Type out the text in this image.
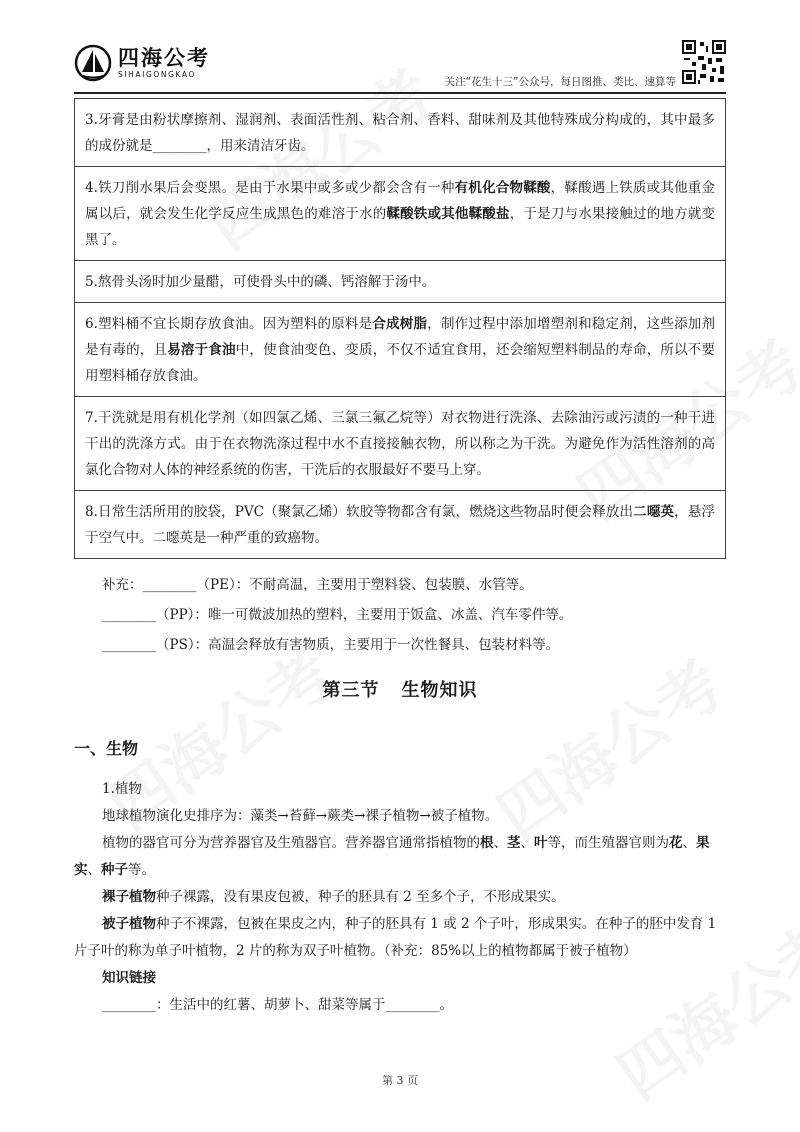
四海公考
SIHAIGONGKAO
关注“花生十三”公众号，每日图推、类比、速算等
3.牙膏是由粉状摩擦剂、湿润剂、表面活性剂、粘合剂、香料、甜味剂及其他特殊成分构成的，其中最多的成份就是________，用来清洁牙齿。
4.铁刀削水果后会变黑。是由于水果中或多或少都会含有一种有机化合物鞣酸，鞣酸遇上铁质或其他重金属以后，就会发生化学反应生成黑色的难溶于水的鞣酸铁或其他鞣酸盐，于是刀与水果接触过的地方就变黑了。
5.熬骨头汤时加少量醋，可使骨头中的磷、钙溶解于汤中。
6.塑料桶不宜长期存放食油。因为塑料的原料是合成树脂，制作过程中添加增塑剂和稳定剂，这些添加剂是有毒的，且易溶于食油中，使食油变色、变质，不仅不适宜食用，还会缩短塑料制品的寿命，所以不要用塑料桶存放食油。
7.干洗就是用有机化学剂（如四氯乙烯、三氯三氟乙烷等）对衣物进行洗涤、去除油污或污渍的一种干进干出的洗涤方式。由于在衣物洗涤过程中水不直接接触衣物，所以称之为干洗。为避免作为活性溶剂的高氯化合物对人体的神经系统的伤害，干洗后的衣服最好不要马上穿。
8.日常生活所用的胶袋，PVC（聚氯乙烯）软胶等物都含有氯，燃烧这些物品时便会释放出二噁英，悬浮于空气中。二噁英是一种严重的致癌物。

补充：________（PE）：不耐高温，主要用于塑料袋、包装膜、水管等。

________（PP）：唯一可微波加热的塑料，主要用于饭盒、冰盖、汽车零件等。

________（PS）：高温会释放有害物质，主要用于一次性餐具、包装材料等。

第三节 生物知识
一、生物

1.植物

地球植物演化史排序为：藻类→苔藓→蕨类→裸子植物→被子植物。

植物的器官可分为营养器官及生殖器官。营养器官通常指植物的根、茎、叶等，而生殖器官则为花、果实、种子等。

裸子植物种子裸露，没有果皮包被，种子的胚具有 2 至多个子，不形成果实。

被子植物种子不裸露，包被在果皮之内，种子的胚具有 1 或 2 个子叶，形成果实。在种子的胚中发育 1 片子叶的称为单子叶植物，2 片的称为双子叶植物。（补充：85%以上的植物都属于被子植物）

知识链接

________：生活中的红薯、胡萝卜、甜菜等属于________。

第 3 页
